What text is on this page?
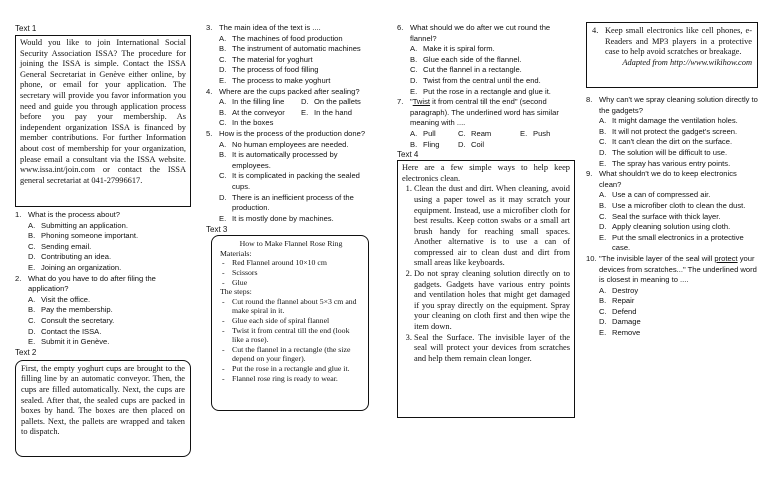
Text 1
Would you like to join International Social Security Association ISSA? The procedure for joining the ISSA is simple. Contact the ISSA General Secretariat in Genève either online, by phone, or email for your application. The secretary will provide you favor information you need and guide you through application process before you pay your membership. As independent organization ISSA is financed by member contributions. For further Information about cost of membership for your organization, please email a consultant via the ISSA website. www.issa.int/join.com or contact the ISSA general secretariat at 041-27996617.
1. What is the process about?
A. Submitting an application.
B. Phoning someone important.
C. Sending email.
D. Contributing an idea.
E. Joining an organization.
2. What do you have to do after filing the application?
A. Visit the office.
B. Pay the membership.
C. Consult the secretary.
D. Contact the ISSA.
E. Submit it in Genève.
Text 2
First, the empty yoghurt cups are brought to the filling line by an automatic conveyor. Then, the cups are filled automatically. Next, the cups are sealed. After that, the sealed cups are packed in boxes by hand. The boxes are then placed on pallets. Next, the pallets are wrapped and taken to dispatch.
3. The main idea of the text is ....
A. The machines of food production
B. The instrument of automatic machines
C. The material for yoghurt
D. The process of food filling
E. The process to make yoghurt
4. Where are the cups packed after sealing?
A. In the filling line D. On the pallets
B. At the conveyor E. In the hand
C. In the boxes
5. How is the process of the production done?
A. No human employees are needed.
B. It is automatically processed by employees.
C. It is complicated in packing the sealed cups.
D. There is an inefficient process of the production.
E. It is mostly done by machines.
Text 3
How to Make Flannel Rose Ring
Materials:
- Red Flannel around 10×10 cm
- Scissors
- Glue
The steps:
- Cut round the flannel about 5×3 cm and make spiral in it.
- Glue each side of spiral flannel
- Twist it from central till the end (look like a rose).
- Cut the flannel in a rectangle (the size depend on your finger).
- Put the rose in a rectangle and glue it.
- Flannel rose ring is ready to wear.
6. What should we do after we cut round the flannel?
A. Make it is spiral form.
B. Glue each side of the flannel.
C. Cut the flannel in a rectangle.
D. Twist from the central until the end.
E. Put the rose in a rectangle and glue it.
7. "Twist it from central till the end" (second paragraph). The underlined word has similar meaning with ....
A. Pull	C. Ream	E. Push
B. Fling D. Coil
Text 4
Here are a few simple ways to help keep electronics clean.
1. Clean the dust and dirt. When cleaning, avoid using a paper towel as it may scratch your equipment. Instead, use a microfiber cloth for best results. Keep cotton swabs or a small art brush handy for reaching small spaces. Another alternative is to use a can of compressed air to clean dust and dirt from small areas like keyboards.
2. Do not spray cleaning solution directly on to gadgets. Gadgets have various entry points and ventilation holes that might get damaged if you spray directly on the equipment. Spray your cleaning on cloth first and then wipe the item down.
3. Seal the Surface. The invisible layer of the seal will protect your devices from scratches and help them remain clean longer.
4. Keep small electronics like cell phones, e-Readers and MP3 players in a protective case to help avoid scratches or breakage.
Adapted from http://www.wikihow.com
8. Why can't we spray cleaning solution directly to the gadgets?
A. It might damage the ventilation holes.
B. It will not protect the gadget's screen.
C. It can't clean the dirt on the surface.
D. The solution will be difficult to use.
E. The spray has various entry points.
9. What shouldn't we do to keep electronics clean?
A. Use a can of compressed air.
B. Use a microfiber cloth to clean the dust.
C. Seal the surface with thick layer.
D. Apply cleaning solution using cloth.
E. Put the small electronics in a protective case.
10. "The invisible layer of the seal will protect your devices from scratches..." The underlined word is closest in meaning to ....
A. Destroy
B. Repair
C. Defend
D. Damage
E. Remove
